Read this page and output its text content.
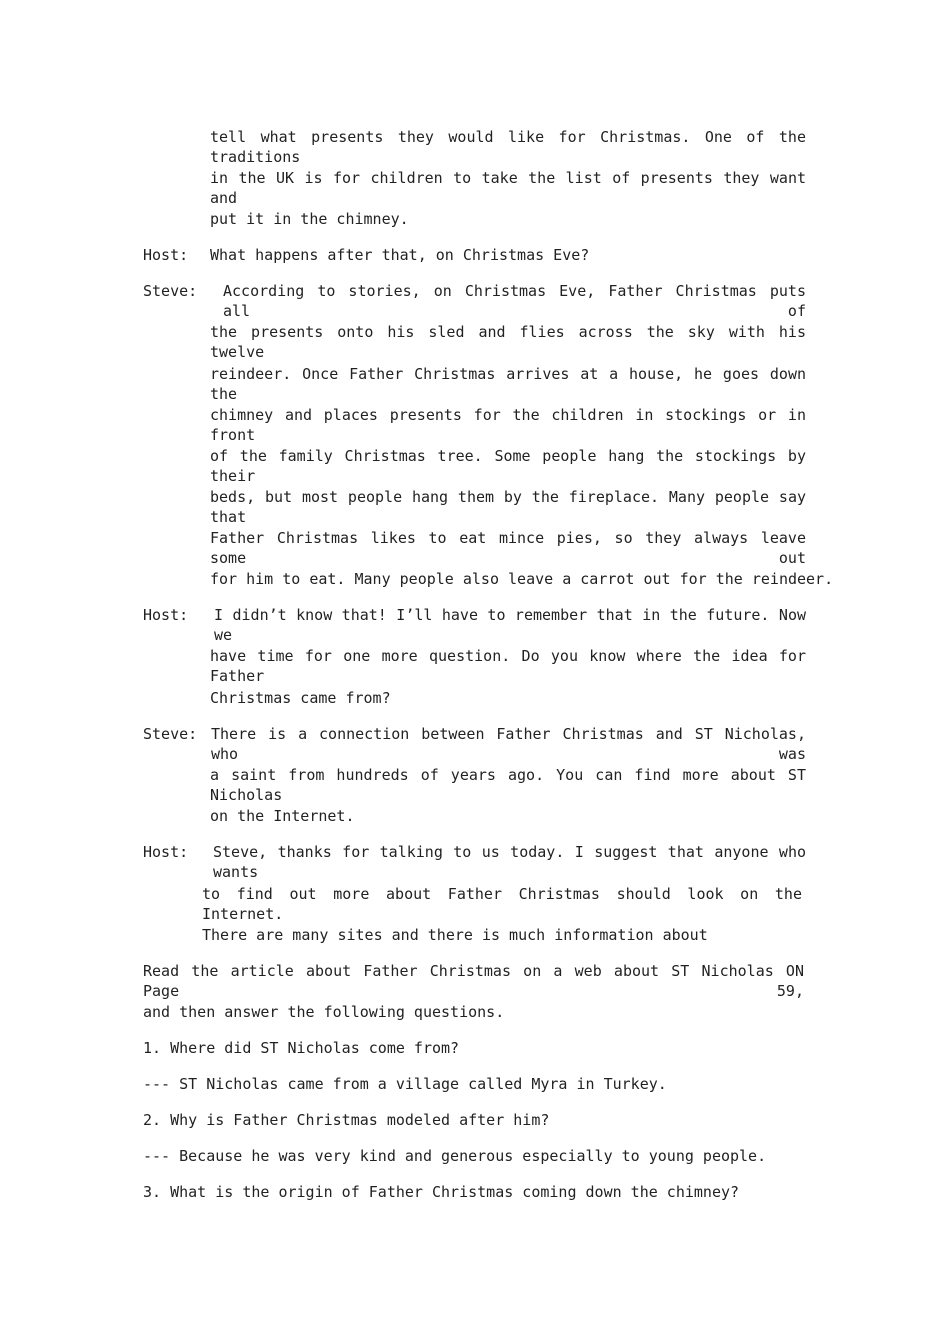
tell what presents they would like for Christmas. One of the traditions
in the UK is for children to take the list of presents they want and
put it in the chimney.
Host: What happens after that, on Christmas Eve?
Steve: According to stories, on Christmas Eve, Father Christmas puts all of
the presents onto his sled and flies across the sky with his twelve
reindeer. Once Father Christmas arrives at a house, he goes down the
chimney and places presents for the children in stockings or in front
of the family Christmas tree. Some people hang the stockings by their
beds, but most people hang them by the fireplace. Many people say that
Father Christmas likes to eat mince pies, so they always leave some out
for him to eat. Many people also leave a carrot out for the reindeer.
Host: I didn’t know that! I’ll have to remember that in the future. Now we
have time for one more question. Do you know where the idea for Father
Christmas came from?
Steve: There is a connection between Father Christmas and ST Nicholas, who was
a saint from hundreds of years ago. You can find more about ST Nicholas
on the Internet.
Host: Steve, thanks for talking to us today. I suggest that anyone who wants
to find out more about Father Christmas should look on the Internet.
There are many sites and there is much information about
Read the article about Father Christmas on a web about ST Nicholas ON Page 59,
and then answer the following questions.
1. Where did ST Nicholas come from?
--- ST Nicholas came from a village called Myra in Turkey.
2. Why is Father Christmas modeled after him?
--- Because he was very kind and generous especially to young people.
3. What is the origin of Father Christmas coming down the chimney?
